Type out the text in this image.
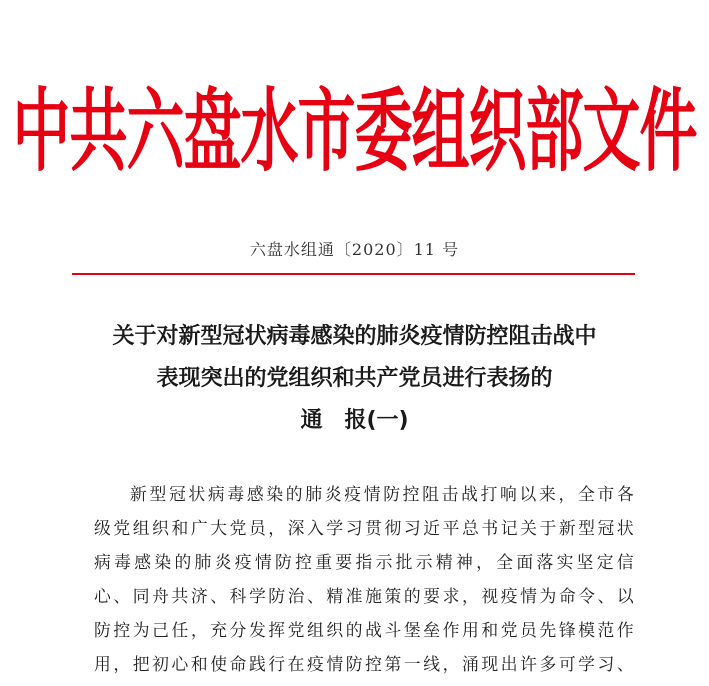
中共六盘水市委组织部文件
六盘水组通〔2020〕11 号
关于对新型冠状病毒感染的肺炎疫情防控阻击战中
表现突出的党组织和共产党员进行表扬的
通　报(一)
新型冠状病毒感染的肺炎疫情防控阻击战打响以来，全市各
级党组织和广大党员，深入学习贯彻习近平总书记关于新型冠状
病毒感染的肺炎疫情防控重要指示批示精神，全面落实坚定信
心、同舟共济、科学防治、精准施策的要求，视疫情为命令、以
防控为己任，充分发挥党组织的战斗堡垒作用和党员先锋模范作
用，把初心和使命践行在疫情防控第一线，涌现出许多可学习、
